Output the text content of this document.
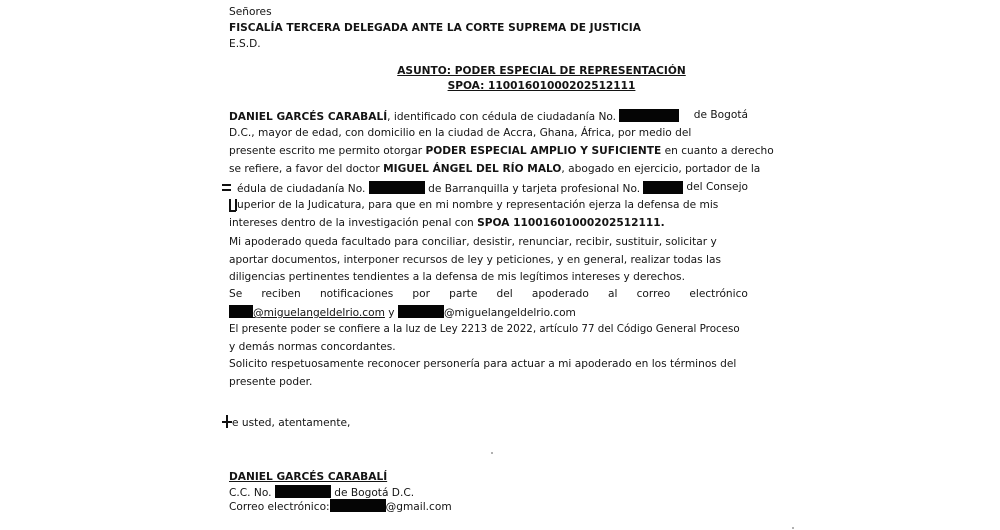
Señores
FISCALÍA TERCERA DELEGADA ANTE LA CORTE SUPREMA DE JUSTICIA
E.S.D.
ASUNTO: PODER ESPECIAL DE REPRESENTACIÓN
SPOA: 11001601000202512111
DANIEL GARCÉS CARABALÍ, identificado con cédula de ciudadanía No.	de Bogotá
D.C., mayor de edad, con domicilio en la ciudad de Accra, Ghana, África, por medio del
presente escrito me permito otorgar PODER ESPECIAL AMPLIO Y SUFICIENTE en cuanto a derecho
se refiere, a favor del doctor MIGUEL ÁNGEL DEL RÍO MALO, abogado en ejercicio, portador de la
édula de ciudadanía No.	de Barranquilla y tarjeta profesional No.	del Consejo
uperior de la Judicatura, para que en mi nombre y representación ejerza la defensa de mis
intereses dentro de la investigación penal con SPOA 11001601000202512111.
Mi apoderado queda facultado para conciliar, desistir, renunciar, recibir, sustituir, solicitar y
aportar documentos, interponer recursos de ley y peticiones, y en general, realizar todas las
diligencias pertinentes tendientes a la defensa de mis legítimos intereses y derechos.
Se reciben notificaciones por parte del apoderado al correo electrónico
@miguelangeldelrio.com y	@miguelangeldelrio.com
El presente poder se confiere a la luz de Ley 2213 de 2022, artículo 77 del Código General Proceso
y demás normas concordantes.
Solicito respetuosamente reconocer personería para actuar a mi apoderado en los términos del
presente poder.
e usted, atentamente,
DANIEL GARCÉS CARABALÍ
C.C. No.	de Bogotá D.C.
Correo electrónico:	@gmail.com
